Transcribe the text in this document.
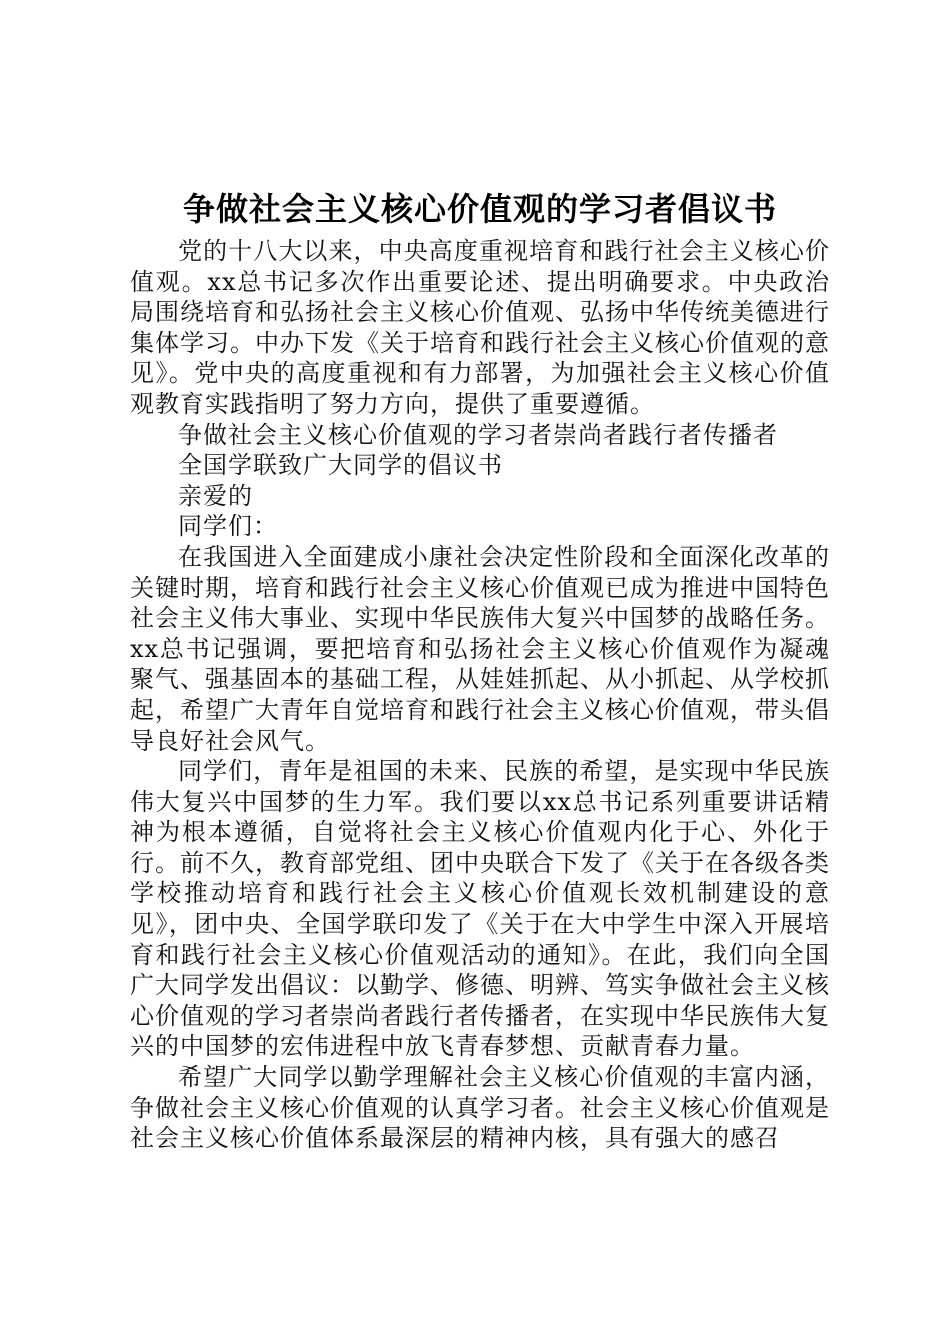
争做社会主义核心价值观的学习者倡议书

党的十八大以来，中央高度重视培育和践行社会主义核心价值观。xx总书记多次作出重要论述、提出明确要求。中央政治局围绕培育和弘扬社会主义核心价值观、弘扬中华传统美德进行集体学习。中办下发《关于培育和践行社会主义核心价值观的意见》。党中央的高度重视和有力部署，为加强社会主义核心价值观教育实践指明了努力方向，提供了重要遵循。

争做社会主义核心价值观的学习者崇尚者践行者传播者

全国学联致广大同学的倡议书

亲爱的

同学们：

在我国进入全面建成小康社会决定性阶段和全面深化改革的关键时期，培育和践行社会主义核心价值观已成为推进中国特色社会主义伟大事业、实现中华民族伟大复兴中国梦的战略任务。xx总书记强调，要把培育和弘扬社会主义核心价值观作为凝魂聚气、强基固本的基础工程，从娃娃抓起、从小抓起、从学校抓起，希望广大青年自觉培育和践行社会主义核心价值观，带头倡导良好社会风气。

同学们，青年是祖国的未来、民族的希望，是实现中华民族伟大复兴中国梦的生力军。我们要以xx总书记系列重要讲话精神为根本遵循，自觉将社会主义核心价值观内化于心、外化于行。前不久，教育部党组、团中央联合下发了《关于在各级各类学校推动培育和践行社会主义核心价值观长效机制建设的意见》，团中央、全国学联印发了《关于在大中学生中深入开展培育和践行社会主义核心价值观活动的通知》。在此，我们向全国广大同学发出倡议：以勤学、修德、明辨、笃实争做社会主义核心价值观的学习者崇尚者践行者传播者，在实现中华民族伟大复兴的中国梦的宏伟进程中放飞青春梦想、贡献青春力量。

希望广大同学以勤学理解社会主义核心价值观的丰富内涵，争做社会主义核心价值观的认真学习者。社会主义核心价值观是社会主义核心价值体系最深层的精神内核，具有强大的感召
